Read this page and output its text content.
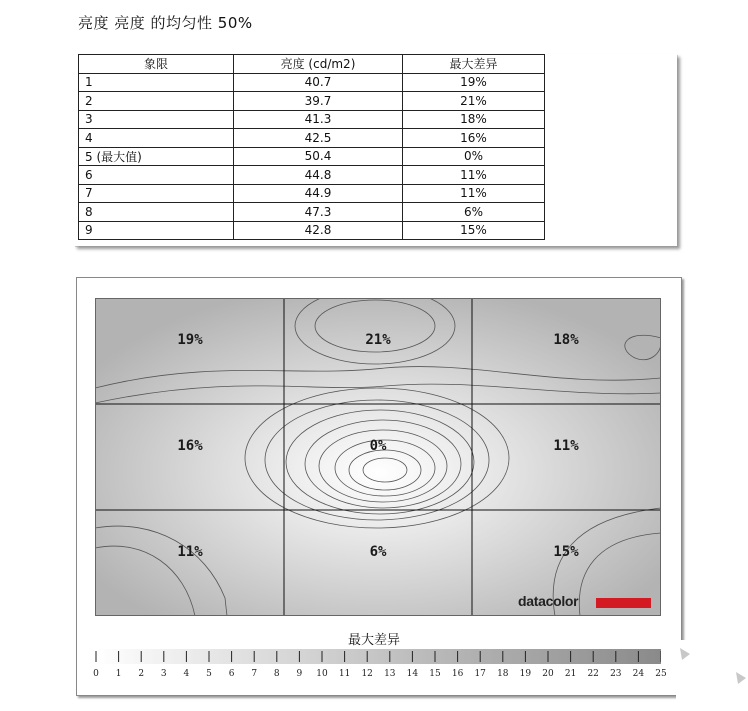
亮度 亮度 的均匀性 50%
象限	亮度 (cd/m2)	最大差异
1	40.7	19%
2	39.7	21%
3	41.3	18%
4	42.5	16%
5 (最大值)	50.4	0%
6	44.8	11%
7	44.9	11%
8	47.3	6%
9	42.8	15%
19%	21%	18%
16%	0%	11%
11%	6%	15%
datacolor
最大差异
0	1	2	3	4	5	6	7	8	9	10	11	12	13	14	15	16	17	18	19	20	21	22	23	24	25
